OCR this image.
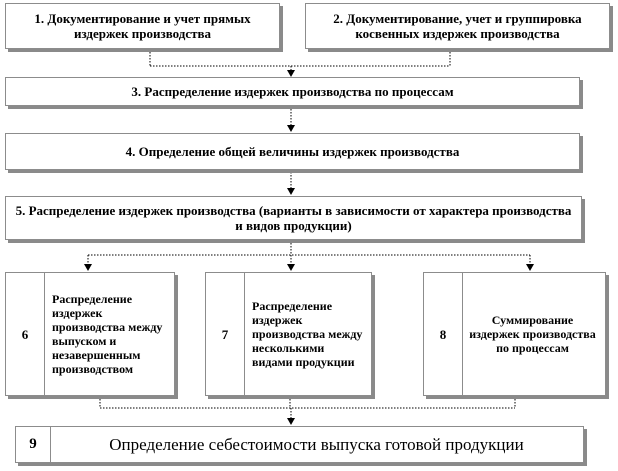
1. Документирование и учет прямых издержек производства
2. Документирование, учет и группировка косвенных издержек производства
3. Распределение издержек производства по процессам
4. Определение общей величины издержек производства
5. Распределение издержек производства (варианты в зависимости от характера производства и видов продукции)
6
Распределение издержек производства между выпуском и незавершенным производством
7
Распределение издержек производства между несколькими видами продукции
8
Суммирование издержек производства по процессам
9	Определение себестоимости выпуска готовой продукции
